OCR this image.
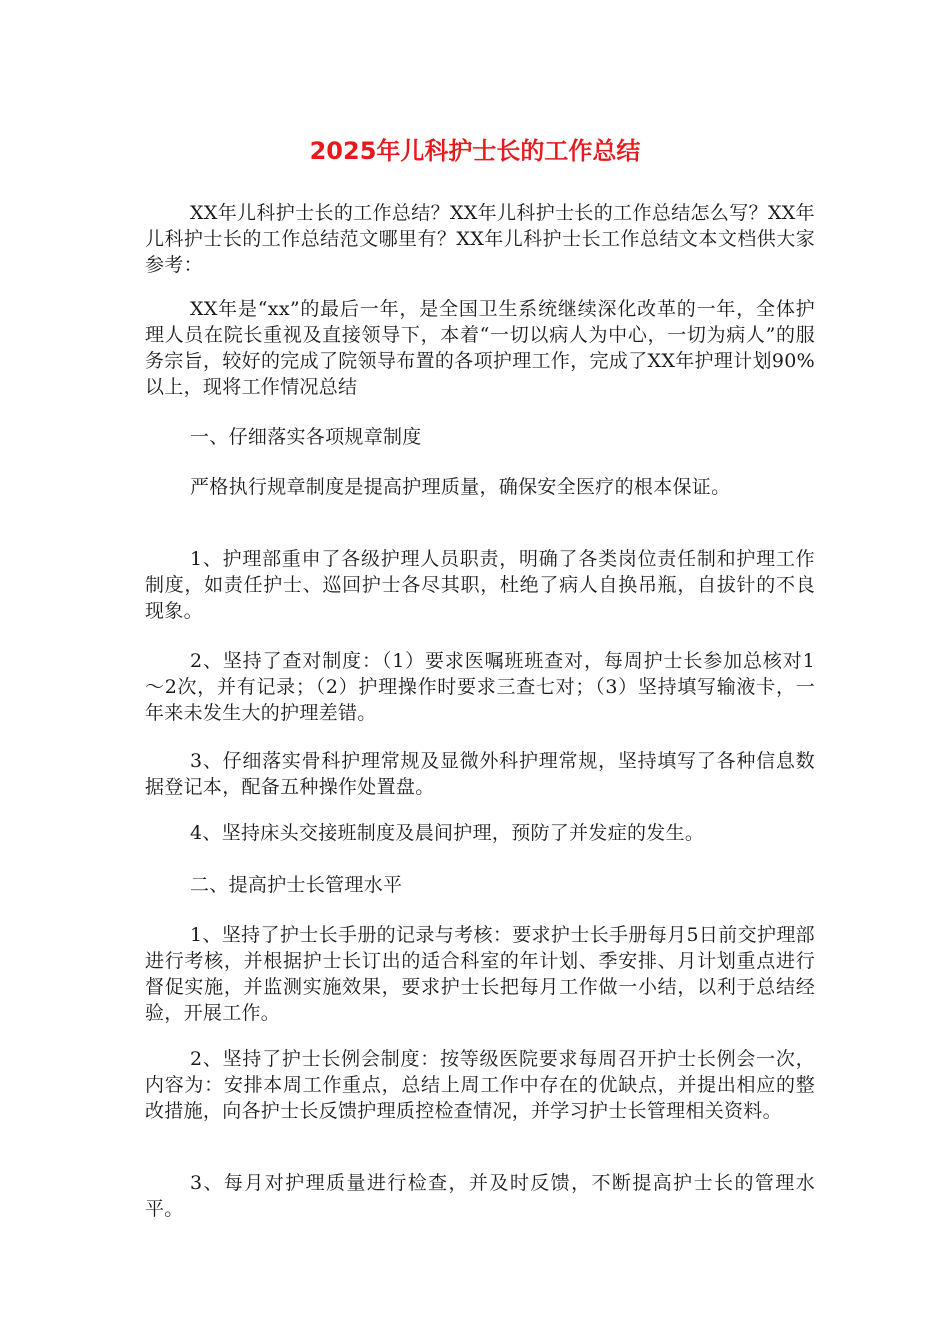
2025年儿科护士长的工作总结

XX年儿科护士长的工作总结？XX年儿科护士长的工作总结怎么写？XX年儿科护士长的工作总结范文哪里有？XX年儿科护士长工作总结文本文档供大家参考：

XX年是“xx”的最后一年，是全国卫生系统继续深化改革的一年，全体护理人员在院长重视及直接领导下，本着“一切以病人为中心，一切为病人”的服务宗旨，较好的完成了院领导布置的各项护理工作，完成了XX年护理计划90%以上，现将工作情况总结

一、仔细落实各项规章制度

严格执行规章制度是提高护理质量，确保安全医疗的根本保证。

1、护理部重申了各级护理人员职责，明确了各类岗位责任制和护理工作制度，如责任护士、巡回护士各尽其职，杜绝了病人自换吊瓶，自拔针的不良现象。

2、坚持了查对制度：（1）要求医嘱班班查对，每周护士长参加总核对1～2次，并有记录；（2）护理操作时要求三查七对；（3）坚持填写输液卡，一年来未发生大的护理差错。

3、仔细落实骨科护理常规及显微外科护理常规，坚持填写了各种信息数据登记本，配备五种操作处置盘。

4、坚持床头交接班制度及晨间护理，预防了并发症的发生。

二、提高护士长管理水平

1、坚持了护士长手册的记录与考核：要求护士长手册每月5日前交护理部进行考核，并根据护士长订出的适合科室的年计划、季安排、月计划重点进行督促实施，并监测实施效果，要求护士长把每月工作做一小结，以利于总结经验，开展工作。

2、坚持了护士长例会制度：按等级医院要求每周召开护士长例会一次，内容为：安排本周工作重点，总结上周工作中存在的优缺点，并提出相应的整改措施，向各护士长反馈护理质控检查情况，并学习护士长管理相关资料。

3、每月对护理质量进行检查，并及时反馈，不断提高护士长的管理水平。
